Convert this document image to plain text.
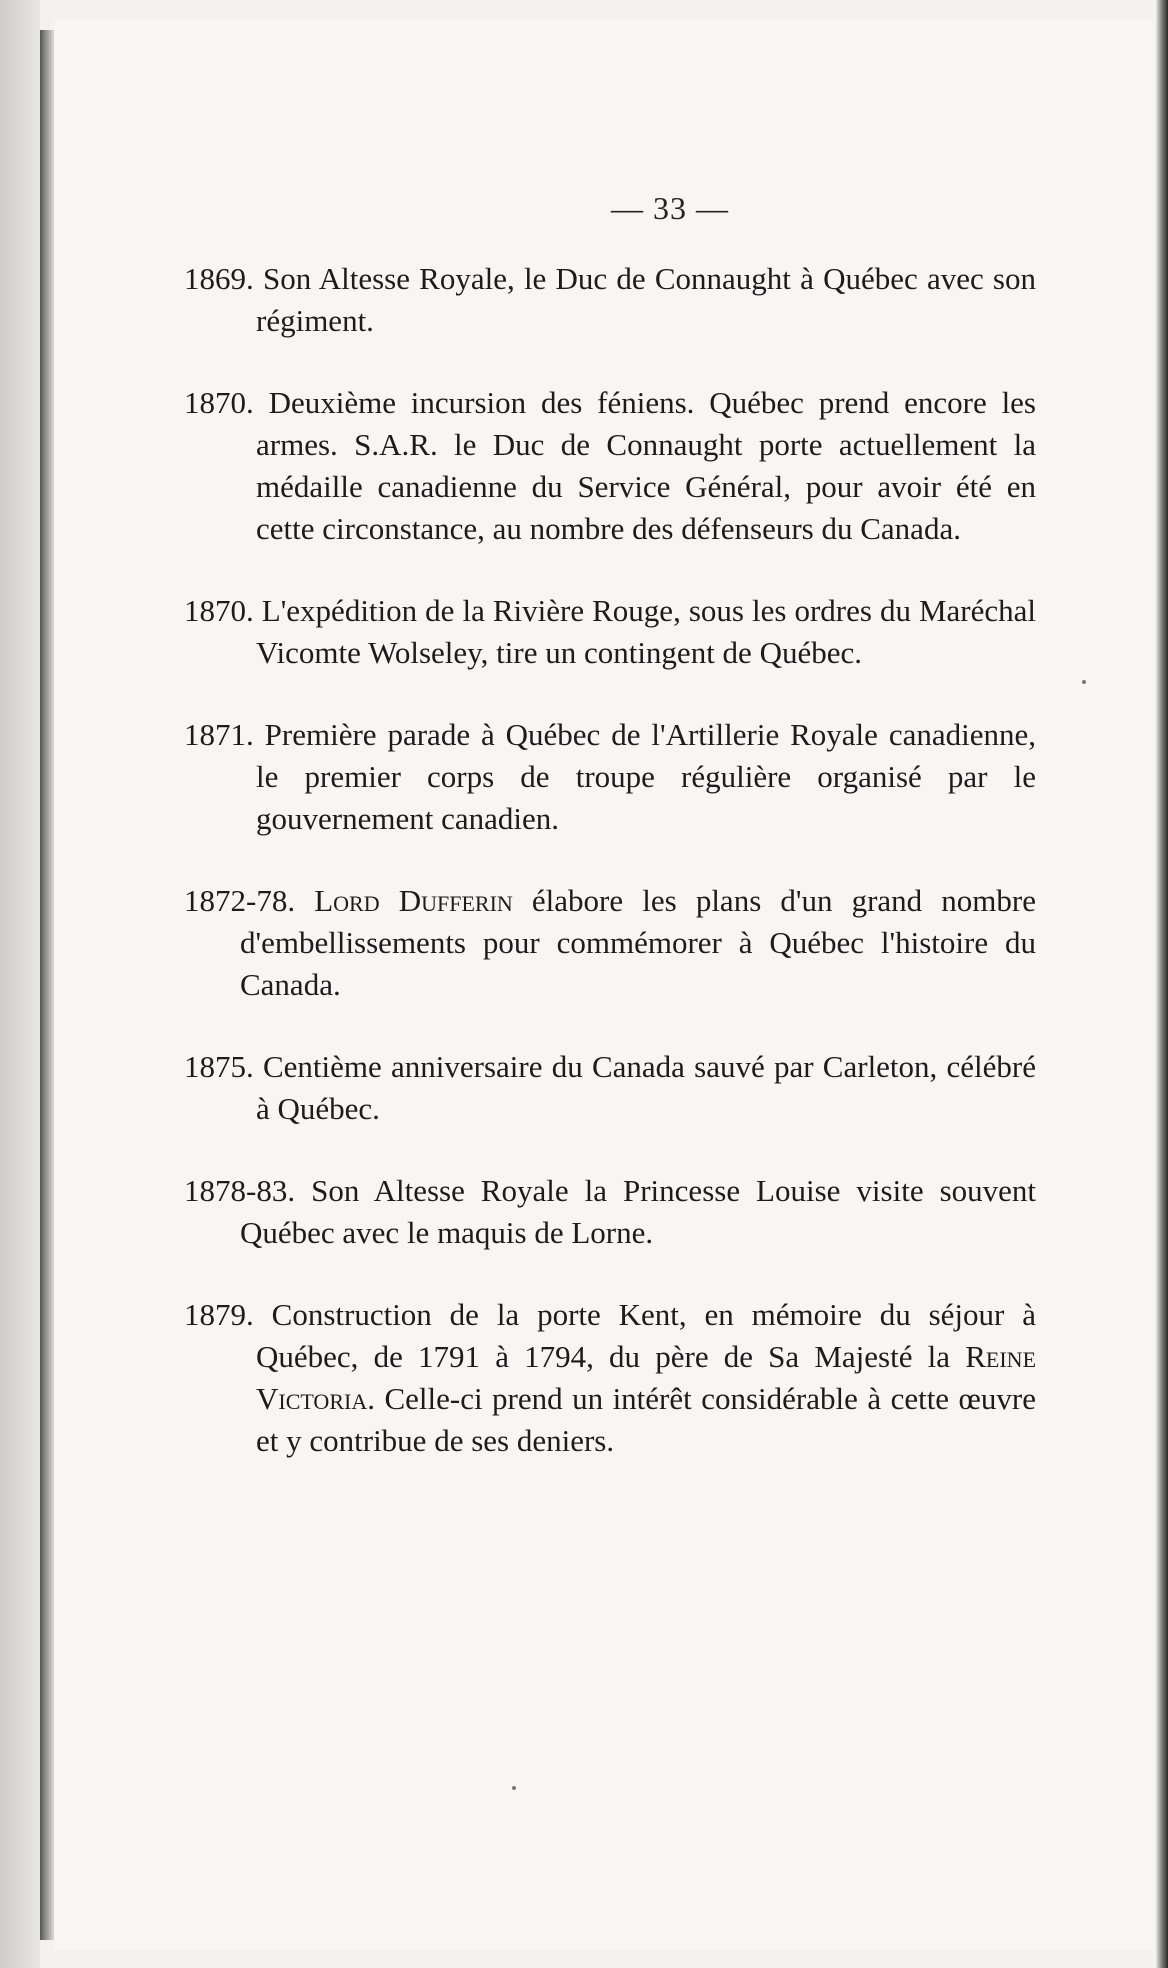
— 33 —

1869. Son Altesse Royale, le Duc de Connaught à Québec avec son régiment.

1870. Deuxième incursion des féniens. Québec prend encore les armes. S.A.R. le Duc de Connaught porte actuellement la médaille canadienne du Service Général, pour avoir été en cette circonstance, au nombre des défenseurs du Canada.

1870. L'expédition de la Rivière Rouge, sous les ordres du Maréchal Vicomte Wolseley, tire un contingent de Québec.

1871. Première parade à Québec de l'Artillerie Royale canadienne, le premier corps de troupe régulière organisé par le gouvernement canadien.

1872-78. Lord Dufferin élabore les plans d'un grand nombre d'embellissements pour commémorer à Québec l'histoire du Canada.

1875. Centième anniversaire du Canada sauvé par Carleton, célébré à Québec.

1878-83. Son Altesse Royale la Princesse Louise visite souvent Québec avec le maquis de Lorne.

1879. Construction de la porte Kent, en mémoire du séjour à Québec, de 1791 à 1794, du père de Sa Majesté la Reine Victoria. Celle-ci prend un intérêt considérable à cette œuvre et y contribue de ses deniers.
